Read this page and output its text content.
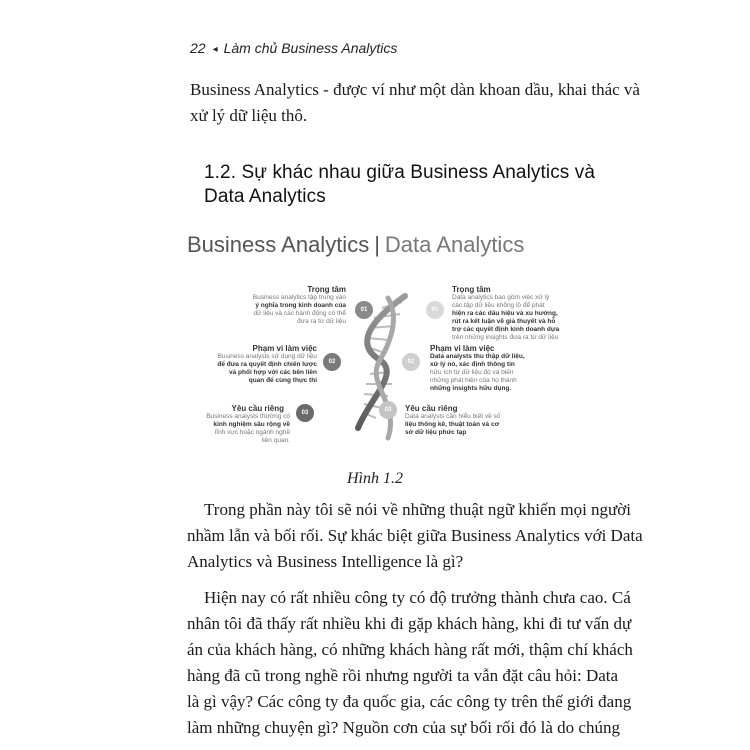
22 ◂ Làm chủ Business Analytics
Business Analytics - được ví như một dàn khoan dầu, khai thác và
xử lý dữ liệu thô.
1.2. Sự khác nhau giữa Business Analytics và
Data Analytics
Business Analytics | Data Analytics
01
02
03
01
02
03
Trọng tâm
Business analytics tập trung vào
ý nghĩa trong kinh doanh của
dữ liệu và các hành động có thể
đưa ra từ dữ liệu
Phạm vi làm việc
Business analysts sử dụng dữ liệu
để đưa ra quyết định chiến lược
và phối hợp với các bên liên
quan để cùng thực thi
Yêu cầu riêng
Business analysts thường có
kinh nghiệm sâu rộng về
lĩnh vực hoặc ngành nghề
liên quan.
Trọng tâm
Data analytics bao gồm việc xử lý
các tập dữ liệu khổng lồ để phát
hiện ra các dấu hiệu và xu hướng,
rút ra kết luận về giả thuyết và hỗ
trợ các quyết định kinh doanh dựa
trên những insights đưa ra từ dữ liệu
Phạm vi làm việc
Data analysts thu thập dữ liệu,
xử lý nó, xác định thông tin
hữu ích từ dữ liệu đó và biến
những phát hiện của họ thành
những insights hữu dụng.
Yêu cầu riêng
Data analysts cần hiểu biết về số
liệu thống kê, thuật toán và cơ
sở dữ liệu phức tạp
Hình 1.2
Trong phần này tôi sẽ nói về những thuật ngữ khiến mọi người
nhầm lẫn và bối rối. Sự khác biệt giữa Business Analytics với Data
Analytics và Business Intelligence là gì?
Hiện nay có rất nhiều công ty có độ trưởng thành chưa cao. Cá
nhân tôi đã thấy rất nhiều khi đi gặp khách hàng, khi đi tư vấn dự
án của khách hàng, có những khách hàng rất mới, thậm chí khách
hàng đã cũ trong nghề rồi nhưng người ta vẫn đặt câu hỏi: Data
là gì vậy? Các công ty đa quốc gia, các công ty trên thế giới đang
làm những chuyện gì? Nguồn cơn của sự bối rối đó là do chúng
